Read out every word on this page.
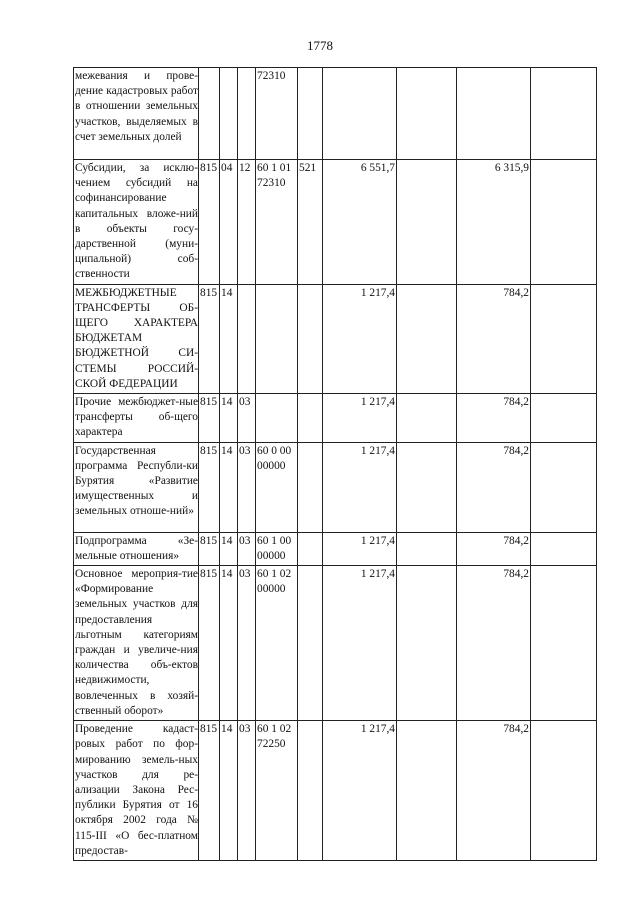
1778
межевания и прове-дение кадастровых работ в отношении земельных участков, выделяемых в счет земельных долей				72310					
Субсидии, за исклю-чением субсидий на софинансирование капитальных вложе-ний в объекты госу-дарственной (муни-ципальной) соб-ственности	815	04	12	60 1 01 72310	521	6 551,7		6 315,9	
МЕЖБЮДЖЕТНЫЕ ТРАНСФЕРТЫ ОБ-ЩЕГО ХАРАКТЕРА БЮДЖЕТАМ БЮДЖЕТНОЙ СИ-СТЕМЫ РОССИЙ-СКОЙ ФЕДЕРАЦИИ	815	14				1 217,4		784,2	
Прочие межбюджет-ные трансферты об-щего характера	815	14	03			1 217,4		784,2	
Государственная программа Республи-ки Бурятия «Развитие имущественных и земельных отноше-ний»	815	14	03	60 0 00 00000		1 217,4		784,2	
Подпрограмма «Зе-мельные отношения»	815	14	03	60 1 00 00000		1 217,4		784,2	
Основное мероприя-тие «Формирование земельных участков для предоставления льготным категориям граждан и увеличе-ния количества объ-ектов недвижимости, вовлеченных в хозяй-ственный оборот»	815	14	03	60 1 02 00000		1 217,4		784,2	
Проведение кадаст-ровых работ по фор-мированию земель-ных участков для ре-ализации Закона Рес-публики Бурятия от 16 октября 2002 года № 115-III «О бес-платном предостав-	815	14	03	60 1 02 72250		1 217,4		784,2	
